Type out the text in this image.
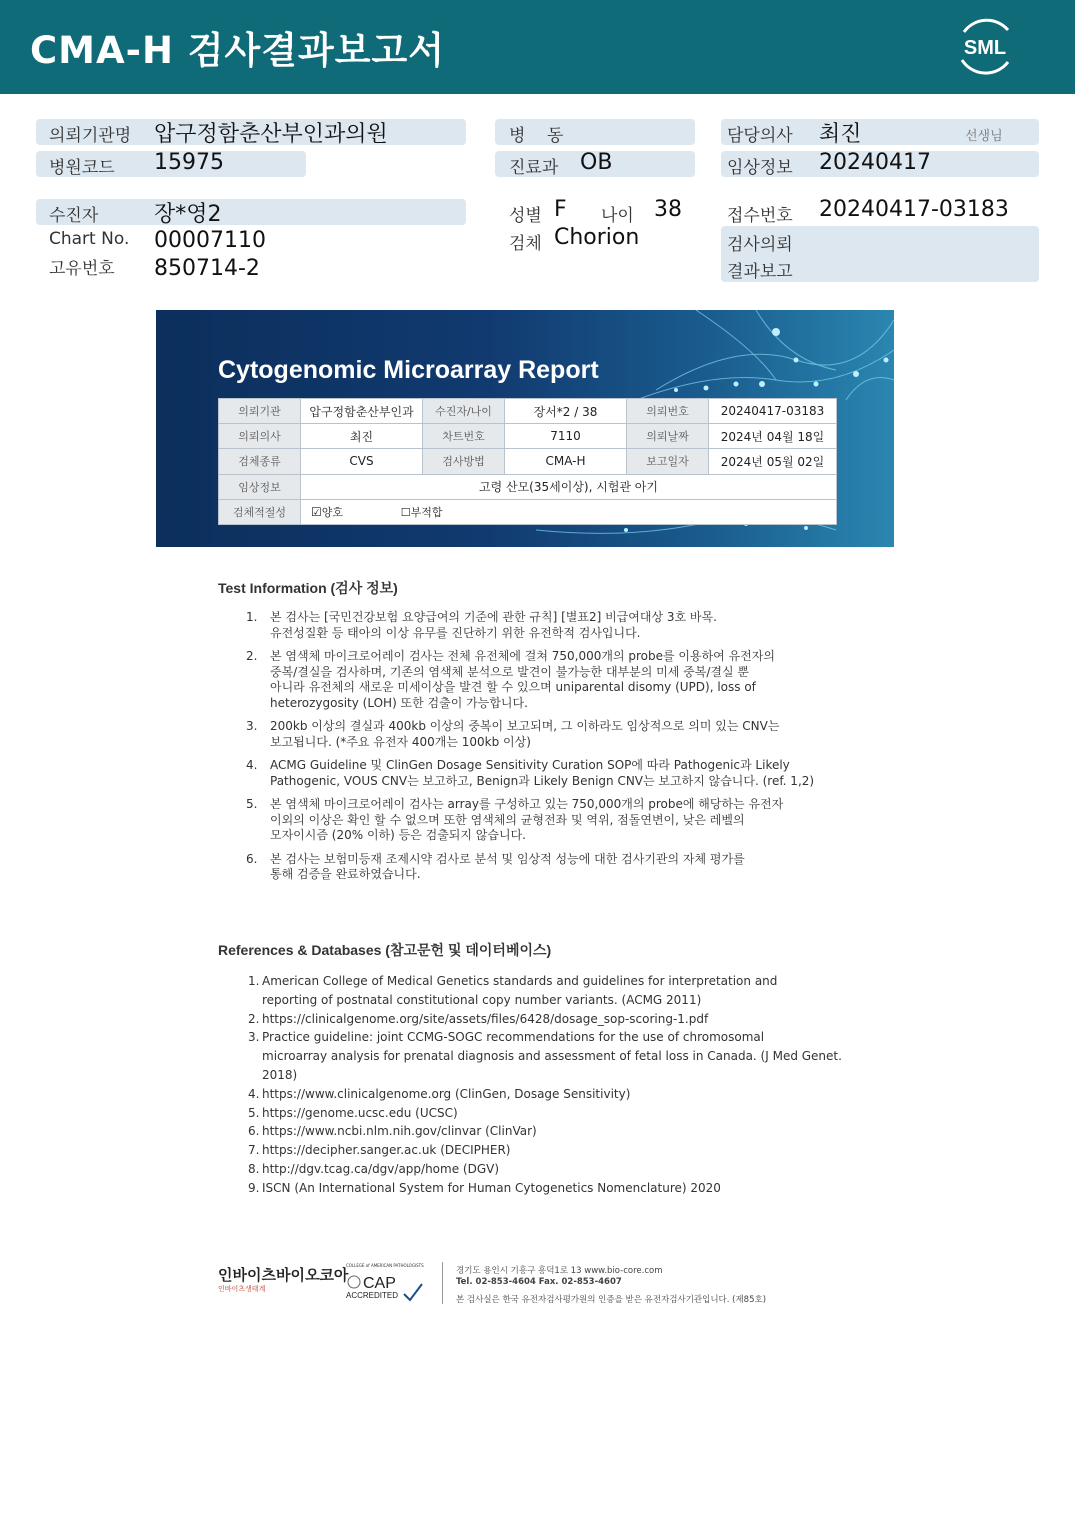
CMA-H 검사결과보고서	SML
의뢰기관명 압구정함춘산부인과의원
병원코드 15975
수진자	장*영2
Chart No. 00007110
고유번호 850714-2
병    동
진료과 OB
성별 F 나이 38
검체 Chorion
담당의사 최진	선생님
임상정보 20240417
접수번호 20240417-03183
검사의뢰
결과보고
Cytogenomic Microarray Report
의뢰기관	압구정함춘산부인과	수진자/나이	장서*2 / 38	의뢰번호	20240417-03183
의뢰의사	최진	차트번호	7110	의뢰날짜	2024년 04월 18일
검체종류	CVS	검사방법	CMA-H	보고일자	2024년 05월 02일
임상정보	고령 산모(35세이상), 시험관 아기				
검체적절성	☑양호 ☐부적합				
Test Information (검사 정보)
1.	본 검사는 [국민건강보험 요양급여의 기준에 관한 규칙] [별표2] 비급여대상 3호 바목.
유전성질환 등 태아의 이상 유무를 진단하기 위한 유전학적 검사입니다.
2.	본 염색체 마이크로어레이 검사는 전체 유전체에 걸쳐 750,000개의 probe를 이용하여 유전자의
중복/결실을 검사하며, 기존의 염색체 분석으로 발견이 불가능한 대부분의 미세 중복/결실 뿐
아니라 유전체의 새로운 미세이상을 발견 할 수 있으며 uniparental disomy (UPD), loss of
heterozygosity (LOH) 또한 검출이 가능합니다.
3.	200kb 이상의 결실과 400kb 이상의 중복이 보고되며, 그 이하라도 임상적으로 의미 있는 CNV는
보고됩니다. (*주요 유전자 400개는 100kb 이상)
4.	ACMG Guideline 및 ClinGen Dosage Sensitivity Curation SOP에 따라 Pathogenic과 Likely
Pathogenic, VOUS CNV는 보고하고, Benign과 Likely Benign CNV는 보고하지 않습니다. (ref. 1,2)
5.	본 염색체 마이크로어레이 검사는 array를 구성하고 있는 750,000개의 probe에 해당하는 유전자
이외의 이상은 확인 할 수 없으며 또한 염색체의 균형전좌 및 역위, 점돌연변이, 낮은 레벨의
모자이시즘 (20% 이하) 등은 검출되지 않습니다.
6.	본 검사는 보험미등재 조제시약 검사로 분석 및 임상적 성능에 대한 검사기관의 자체 평가를
통해 검증을 완료하였습니다.
References & Databases (참고문헌 및 데이터베이스)
1. American College of Medical Genetics standards and guidelines for interpretation and
reporting of postnatal constitutional copy number variants. (ACMG 2011)
2. https://clinicalgenome.org/site/assets/files/6428/dosage_sop-scoring-1.pdf
3. Practice guideline: joint CCMG-SOGC recommendations for the use of chromosomal
microarray analysis for prenatal diagnosis and assessment of fetal loss in Canada. (J Med Genet. 2018)
4. https://www.clinicalgenome.org (ClinGen, Dosage Sensitivity)
5. https://genome.ucsc.edu (UCSC)
6. https://www.ncbi.nlm.nih.gov/clinvar (ClinVar)
7. https://decipher.sanger.ac.uk (DECIPHER)
8. http://dgv.tcag.ca/dgv/app/home (DGV)
9. ISCN (An International System for Human Cytogenetics Nomenclature) 2020
인바이츠바이오코아
인바이츠생태계
COLLEGE of AMERICAN PATHOLOGISTS
CAP
ACCREDITED
경기도 용인시 기흥구 흥덕1로 13 www.bio-core.com
Tel. 02-853-4604 Fax. 02-853-4607
본 검사실은 한국 유전자검사평가원의 인증을 받은 유전자검사기관입니다. (제85호)
